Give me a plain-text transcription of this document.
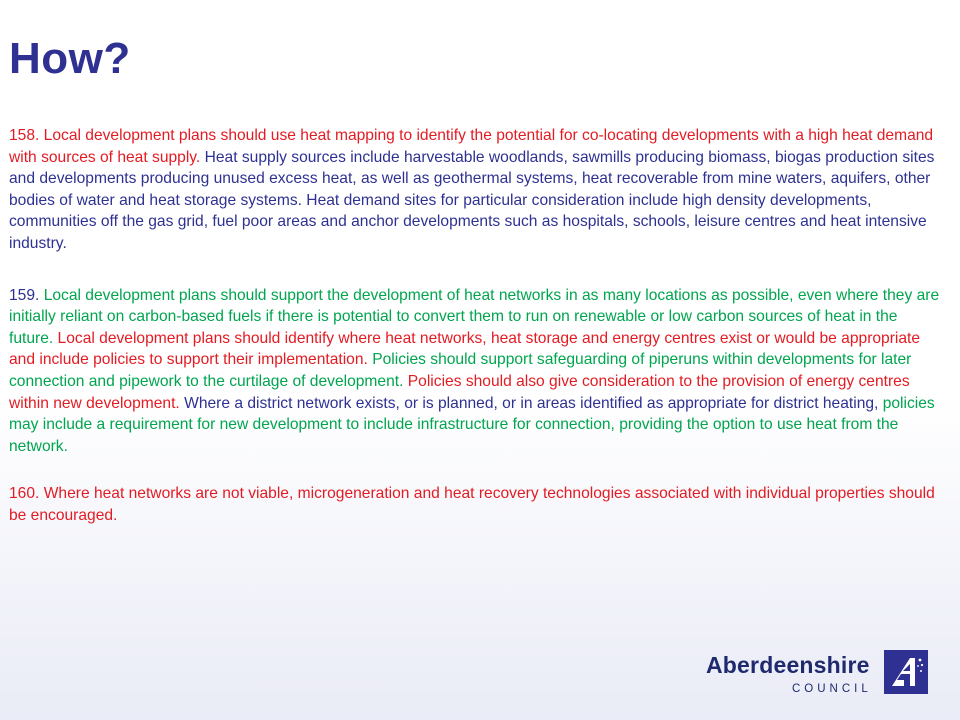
How?

158. Local development plans should use heat mapping to identify the potential for co-locating developments with a high heat demand with sources of heat supply. Heat supply sources include harvestable woodlands, sawmills producing biomass, biogas production sites and developments producing unused excess heat, as well as geothermal systems, heat recoverable from mine waters, aquifers, other bodies of water and heat storage systems. Heat demand sites for particular consideration include high density developments, communities off the gas grid, fuel poor areas and anchor developments such as hospitals, schools, leisure centres and heat intensive industry.

159. Local development plans should support the development of heat networks in as many locations as possible, even where they are initially reliant on carbon-based fuels if there is potential to convert them to run on renewable or low carbon sources of heat in the future. Local development plans should identify where heat networks, heat storage and energy centres exist or would be appropriate and include policies to support their implementation. Policies should support safeguarding of piperuns within developments for later connection and pipework to the curtilage of development. Policies should also give consideration to the provision of energy centres within new development. Where a district network exists, or is planned, or in areas identified as appropriate for district heating, policies may include a requirement for new development to include infrastructure for connection, providing the option to use heat from the network.

160. Where heat networks are not viable, microgeneration and heat recovery technologies associated with individual properties should be encouraged.

Aberdeenshire
COUNCIL
